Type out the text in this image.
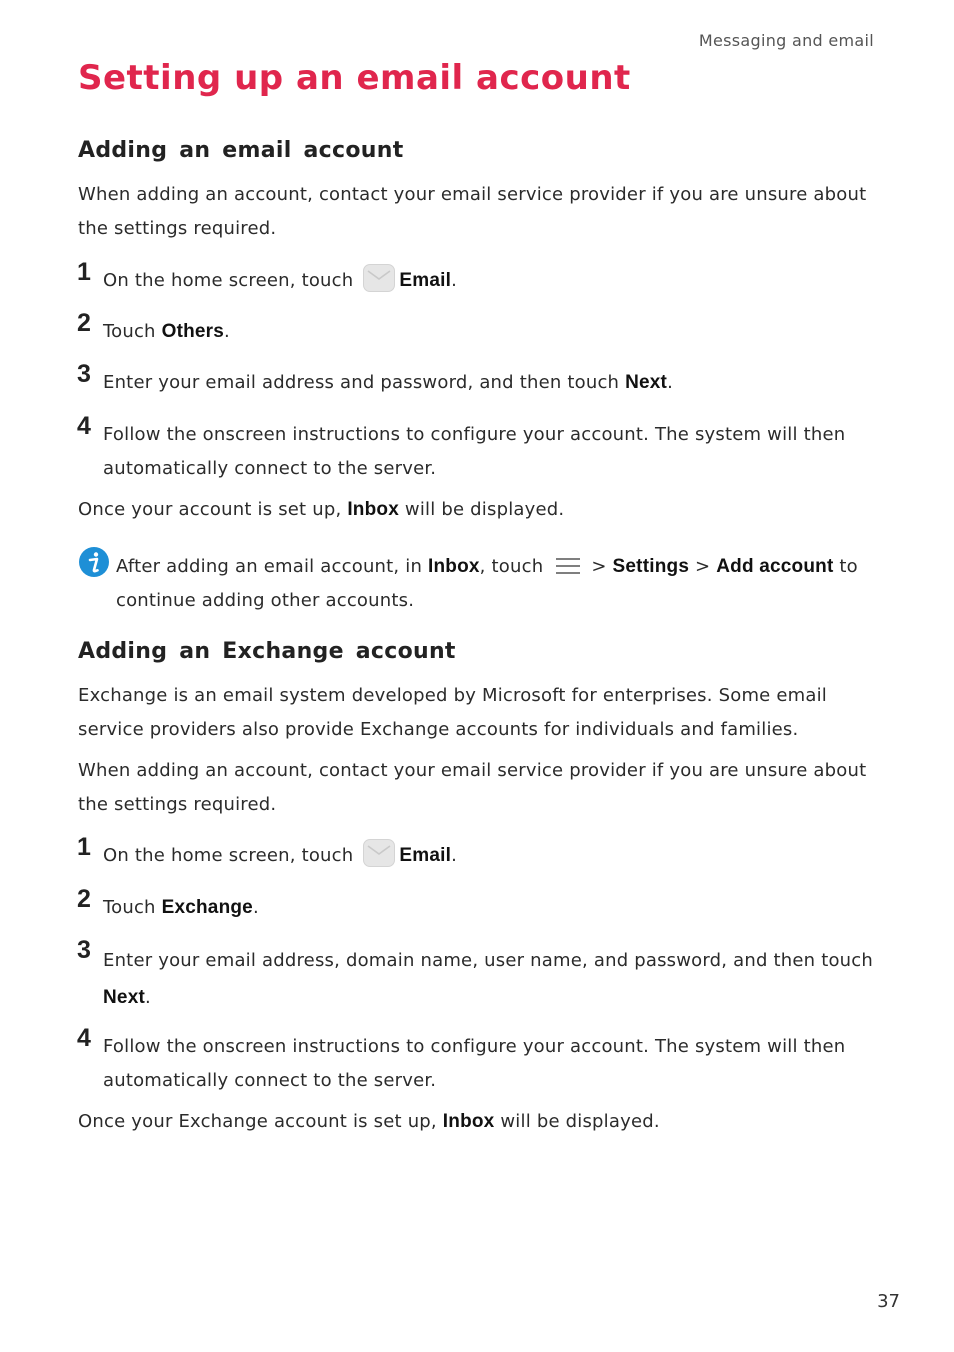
Messaging and email
Setting up an email account
Adding an email account

When adding an account, contact your email service provider if you are unsure about the settings required.

1 On the home screen, touch Email.
2 Touch Others.
3 Enter your email address and password, and then touch Next.
4 Follow the onscreen instructions to configure your account. The system will then automatically connect to the server.

Once your account is set up, Inbox will be displayed.

After adding an email account, in Inbox, touch	> Settings > Add account to continue adding other accounts.

Adding an Exchange account

Exchange is an email system developed by Microsoft for enterprises. Some email service providers also provide Exchange accounts for individuals and families.

When adding an account, contact your email service provider if you are unsure about the settings required.

1 On the home screen, touch Email.
2 Touch Exchange.
3 Enter your email address, domain name, user name, and password, and then touch Next.
4 Follow the onscreen instructions to configure your account. The system will then automatically connect to the server.

Once your Exchange account is set up, Inbox will be displayed.

37
